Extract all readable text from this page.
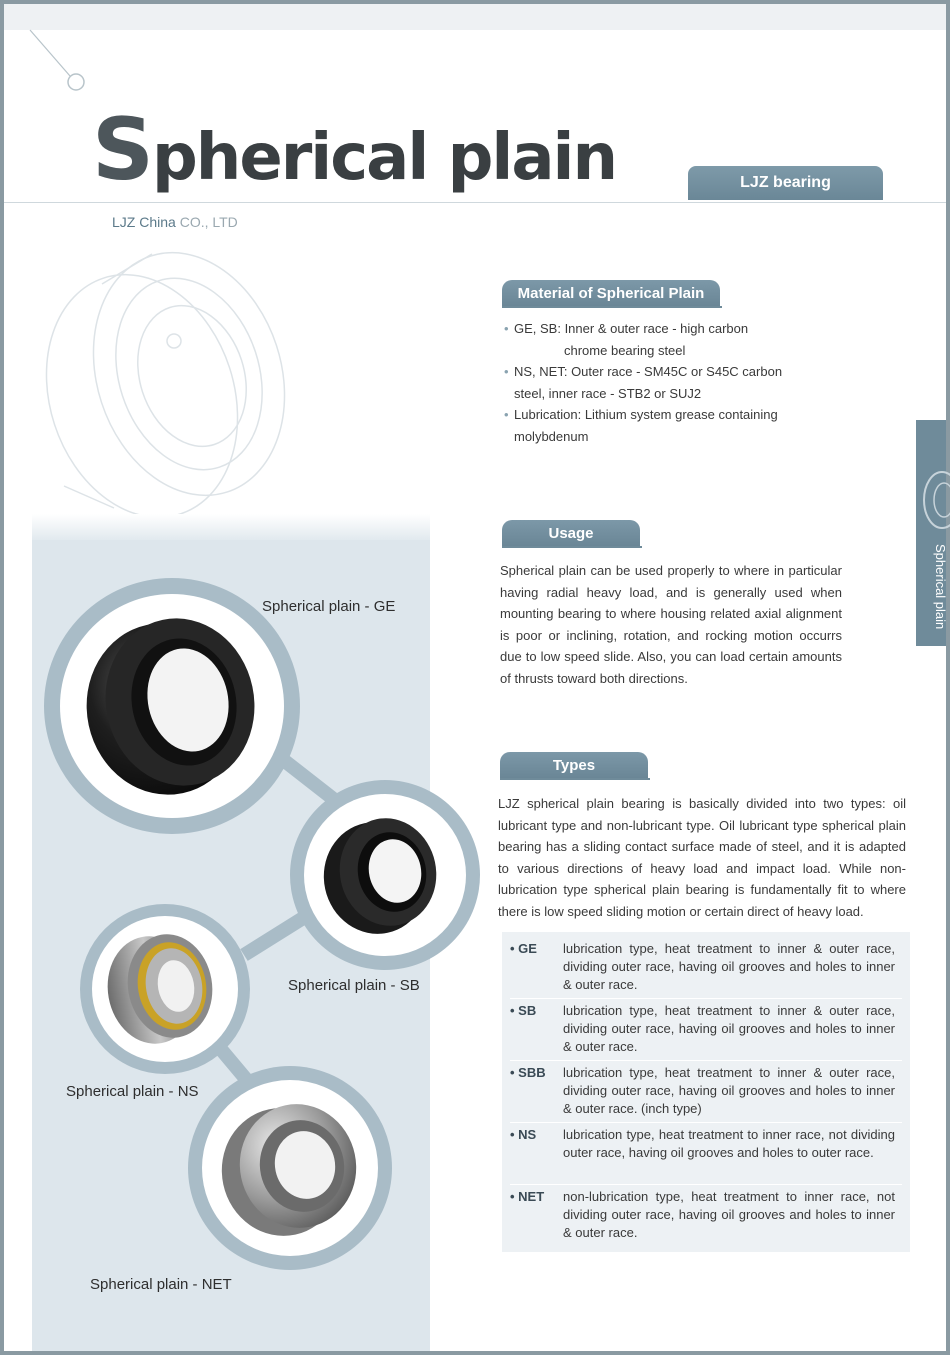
Spherical plain	LJZ bearing
LJZ China CO., LTD
Spherical plain - GE
Spherical plain - SB
Spherical plain - NS
Spherical plain - NET
Material of Spherical Plain
• GE, SB: Inner & outer race - high carbon
chrome bearing steel
• NS, NET: Outer race - SM45C or S45C carbon
steel, inner race - STB2 or SUJ2
• Lubrication: Lithium system grease containing
molybdenum
Usage
Spherical plain can be used properly to where in particular having radial heavy load, and is generally used when mounting bearing to where housing related axial alignment is poor or inclining, rotation, and rocking motion occurrs due to low speed slide. Also, you can load certain amounts of thrusts toward both directions.
Types
LJZ spherical plain bearing is basically divided into two types: oil lubricant type and non-lubricant type. Oil lubricant type spherical plain bearing has a sliding contact surface made of steel, and it is adapted to various directions of heavy load and impact load. While non-lubrication type spherical plain bearing is fundamentally fit to where there is low speed sliding motion or certain direct of heavy load.
• GE	lubrication type, heat treatment to inner & outer race, dividing outer race, having oil grooves and holes to inner & outer race.
• SB	lubrication type, heat treatment to inner & outer race, dividing outer race, having oil grooves and holes to inner & outer race.
• SBB	lubrication type, heat treatment to inner & outer race, dividing outer race, having oil grooves and holes to inner & outer race. (inch type)
• NS	lubrication type, heat treatment to inner race, not dividing outer race, having oil grooves and holes to outer race.
• NET	non-lubrication type, heat treatment to inner race, not dividing outer race, having oil grooves and holes to inner & outer race.
Spherical plain
